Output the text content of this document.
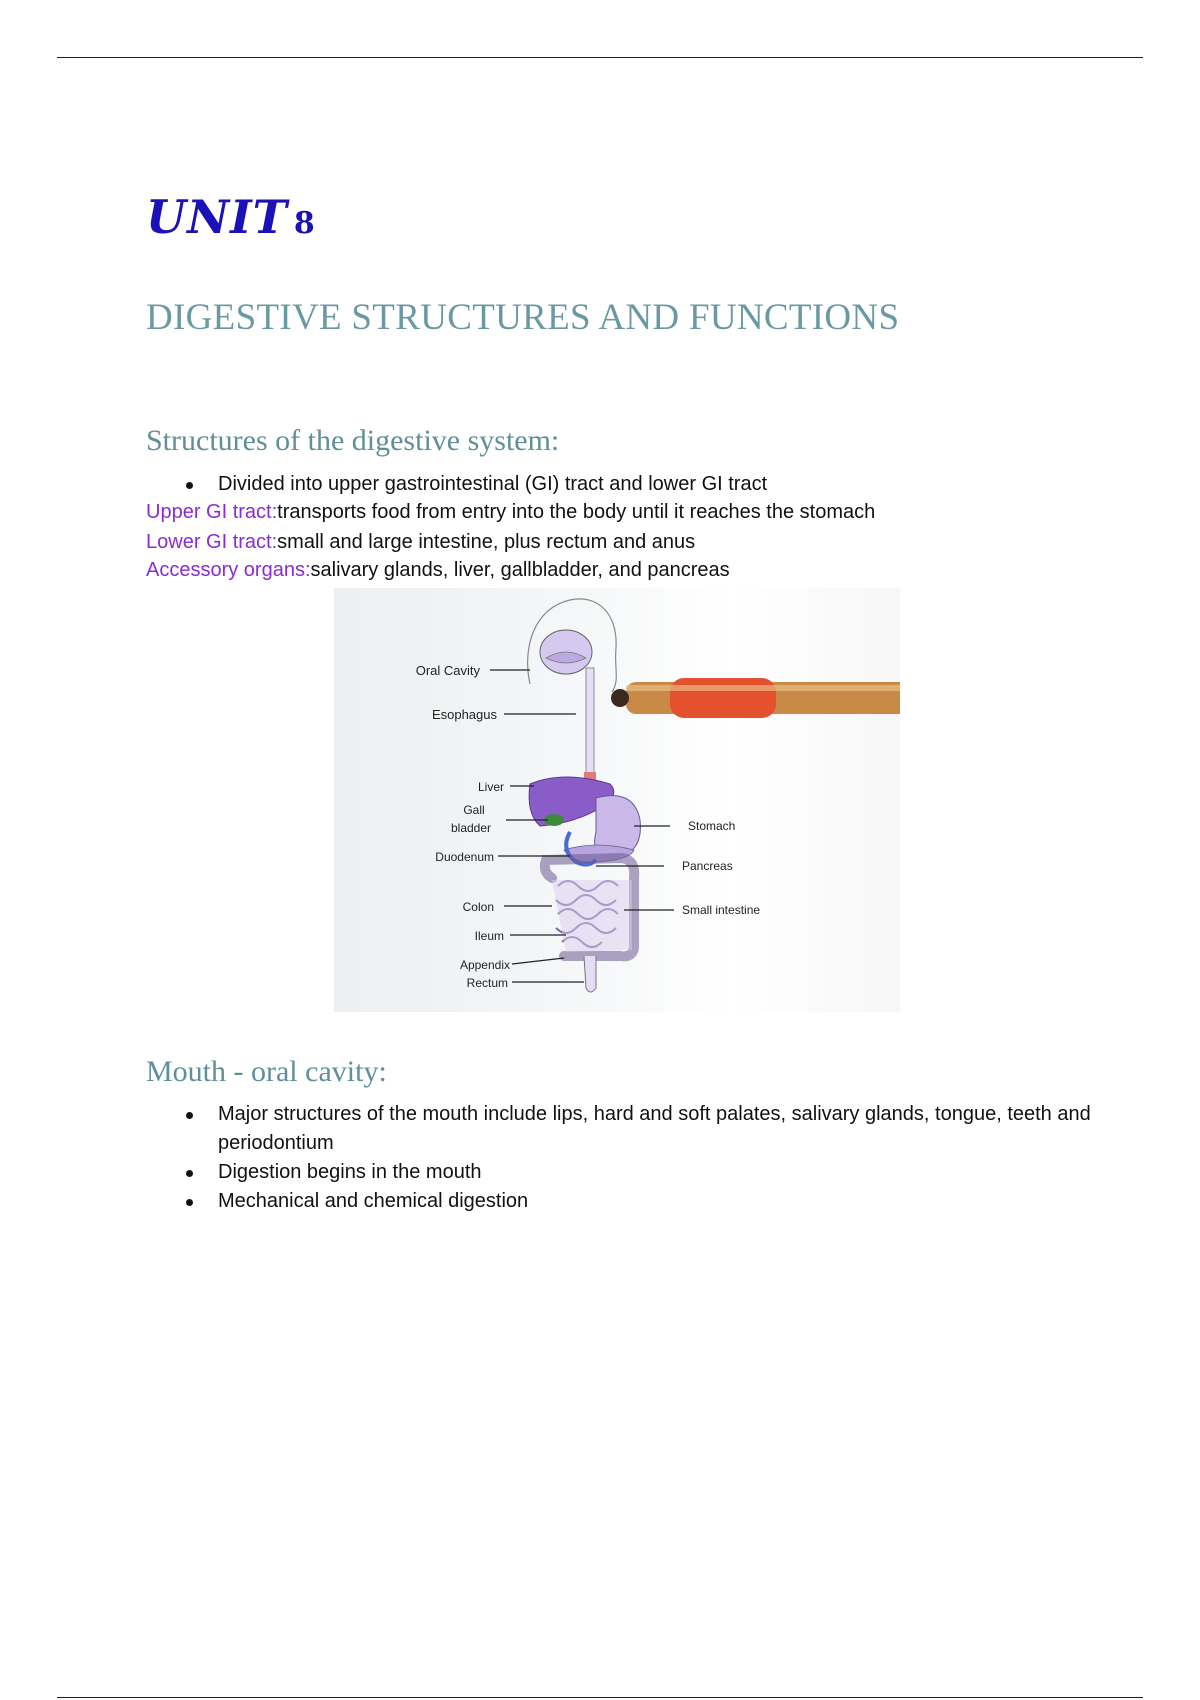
UNIT 8
DIGESTIVE STRUCTURES AND FUNCTIONS
Structures of the digestive system:
Divided into upper gastrointestinal (GI) tract and lower GI tract

Upper GI tract:transports food from entry into the body until it reaches the stomach

Lower GI tract:small and large intestine, plus rectum and anus

Accessory organs:salivary glands, liver, gallbladder, and pancreas

Oral Cavity
Esophagus
Liver
Gall
bladder
Duodenum
Colon
Ileum
Appendix
Rectum
Stomach
Pancreas
Small intestine
Mouth - oral cavity:
Major structures of the mouth include lips, hard and soft palates, salivary glands, tongue, teeth and periodontium
Digestion begins in the mouth
Mechanical and chemical digestion
